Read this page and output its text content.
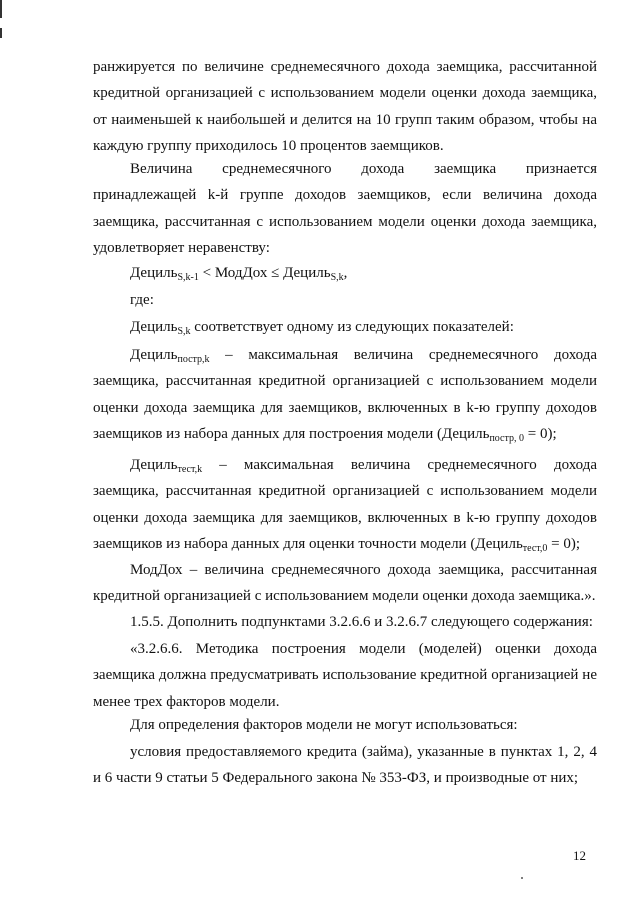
ранжируется по величине среднемесячного дохода заемщика, рассчитанной кредитной организацией с использованием модели оценки дохода заемщика, от наименьшей к наибольшей и делится на 10 групп таким образом, чтобы на каждую группу приходилось 10 процентов заемщиков.

Величина среднемесячного дохода заемщика признается принадлежащей k-й группе доходов заемщиков, если величина дохода заемщика, рассчитанная с использованием модели оценки дохода заемщика, удовлетворяет неравенству:

Дециль$_{S,k-1}$ < МодДох ≤ Дециль$_{S,k}$,

где:

Дециль$_{S,k}$ соответствует одному из следующих показателей:

Дециль$_{постр,k}$ – максимальная величина среднемесячного дохода заемщика, рассчитанная кредитной организацией с использованием модели оценки дохода заемщика для заемщиков, включенных в k-ю группу доходов заемщиков из набора данных для построения модели (Дециль$_{постр, 0}$ = 0);

Дециль$_{тест,k}$ – максимальная величина среднемесячного дохода заемщика, рассчитанная кредитной организацией с использованием модели оценки дохода заемщика для заемщиков, включенных в k-ю группу доходов заемщиков из набора данных для оценки точности модели (Дециль$_{тест,0}$ = 0);

МодДох – величина среднемесячного дохода заемщика, рассчитанная кредитной организацией с использованием модели оценки дохода заемщика.».

1.5.5. Дополнить подпунктами 3.2.6.6 и 3.2.6.7 следующего содержания:

«3.2.6.6. Методика построения модели (моделей) оценки дохода заемщика должна предусматривать использование кредитной организацией не менее трех факторов модели.

Для определения факторов модели не могут использоваться:

условия предоставляемого кредита (займа), указанные в пунктах 1, 2, 4 и 6 части 9 статьи 5 Федерального закона № 353-ФЗ, и производные от них;

12
